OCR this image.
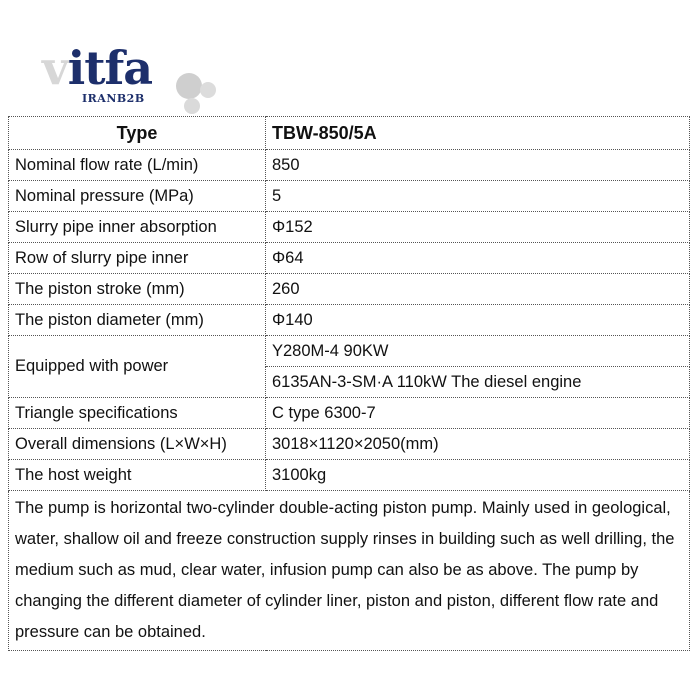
vitfa
IRANB2B
Type	TBW-850/5A
Nominal flow rate (L/min)	850
Nominal pressure (MPa)	5
Slurry pipe inner absorption	Φ152
Row of slurry pipe inner	Φ64
The piston stroke (mm)	260
The piston diameter (mm)	Φ140
Equipped with power	Y280M-4 90KW
	6135AN-3-SM·A 110kW The diesel engine
Triangle specifications	C type 6300-7
Overall dimensions (L×W×H)	3018×1120×2050(mm)
The host weight	3100kg
The pump is horizontal two-cylinder double-acting piston pump. Mainly used in geological, water, shallow oil and freeze construction supply rinses in building such as well drilling, the medium such as mud, clear water, infusion pump can also be as above. The pump by changing the different diameter of cylinder liner, piston and piston, different flow rate and pressure can be obtained.	
